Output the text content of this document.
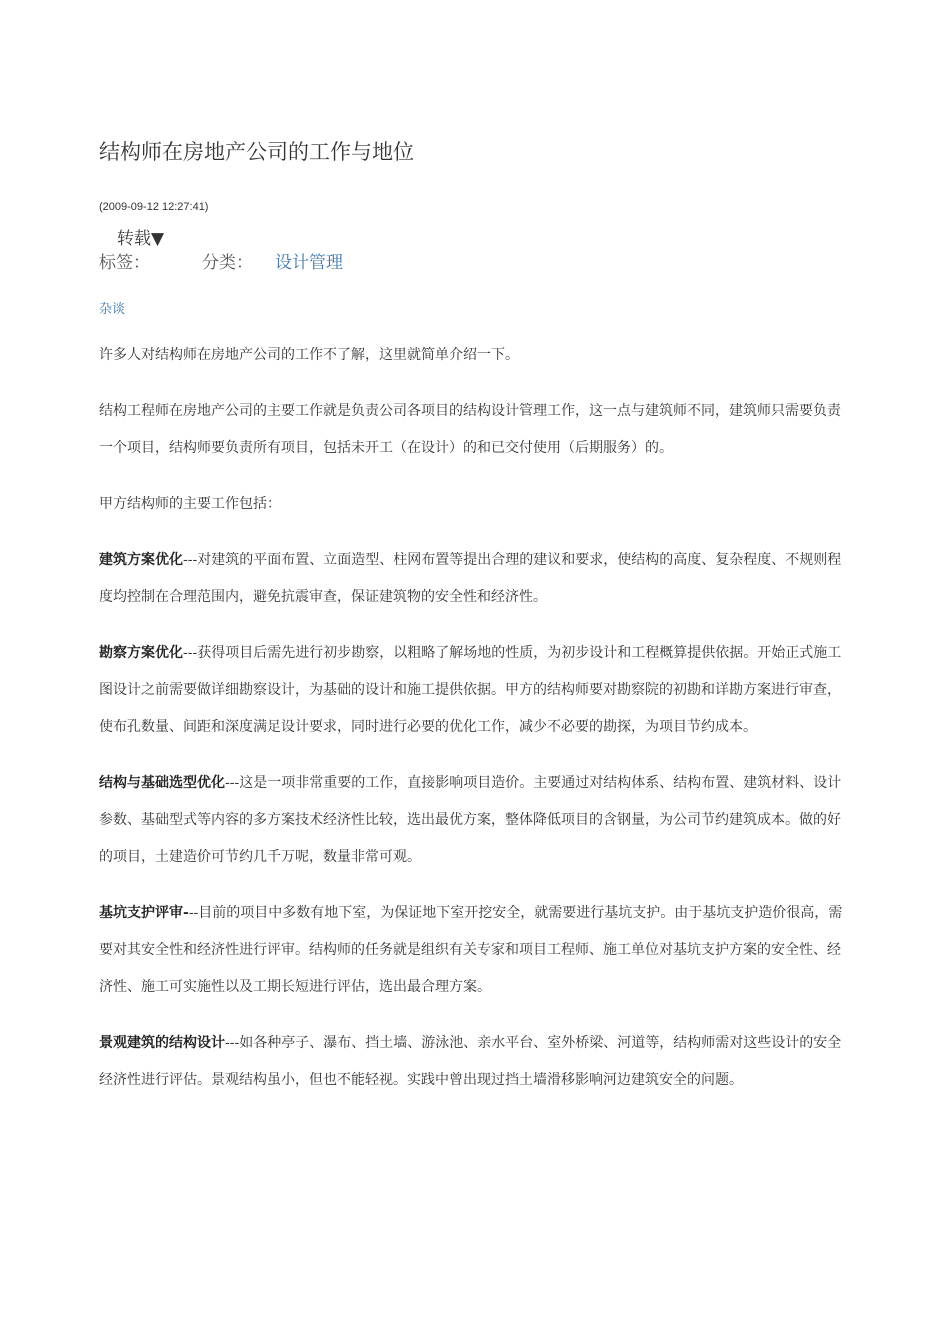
结构师在房地产公司的工作与地位
(2009-09-12 12:27:41)
转载▼
标签：	分类： 设计管理
杂谈

许多人对结构师在房地产公司的工作不了解，这里就简单介绍一下。

结构工程师在房地产公司的主要工作就是负责公司各项目的结构设计管理工作，这一点与建筑师不同，建筑师只需要负责一个项目，结构师要负责所有项目，包括未开工（在设计）的和已交付使用（后期服务）的。

甲方结构师的主要工作包括：

建筑方案优化---对建筑的平面布置、立面造型、柱网布置等提出合理的建议和要求，使结构的高度、复杂程度、不规则程度均控制在合理范围内，避免抗震审查，保证建筑物的安全性和经济性。

勘察方案优化---获得项目后需先进行初步勘察，以粗略了解场地的性质，为初步设计和工程概算提供依据。开始正式施工图设计之前需要做详细勘察设计，为基础的设计和施工提供依据。甲方的结构师要对勘察院的初勘和详勘方案进行审查，使布孔数量、间距和深度满足设计要求，同时进行必要的优化工作，减少不必要的勘探，为项目节约成本。

结构与基础选型优化---这是一项非常重要的工作，直接影响项目造价。主要通过对结构体系、结构布置、建筑材料、设计参数、基础型式等内容的多方案技术经济性比较，选出最优方案，整体降低项目的含钢量，为公司节约建筑成本。做的好的项目，土建造价可节约几千万呢，数量非常可观。

基坑支护评审---目前的项目中多数有地下室，为保证地下室开挖安全，就需要进行基坑支护。由于基坑支护造价很高，需要对其安全性和经济性进行评审。结构师的任务就是组织有关专家和项目工程师、施工单位对基坑支护方案的安全性、经济性、施工可实施性以及工期长短进行评估，选出最合理方案。

景观建筑的结构设计---如各种亭子、瀑布、挡土墙、游泳池、亲水平台、室外桥梁、河道等，结构师需对这些设计的安全经济性进行评估。景观结构虽小，但也不能轻视。实践中曾出现过挡土墙滑移影响河边建筑安全的问题。
